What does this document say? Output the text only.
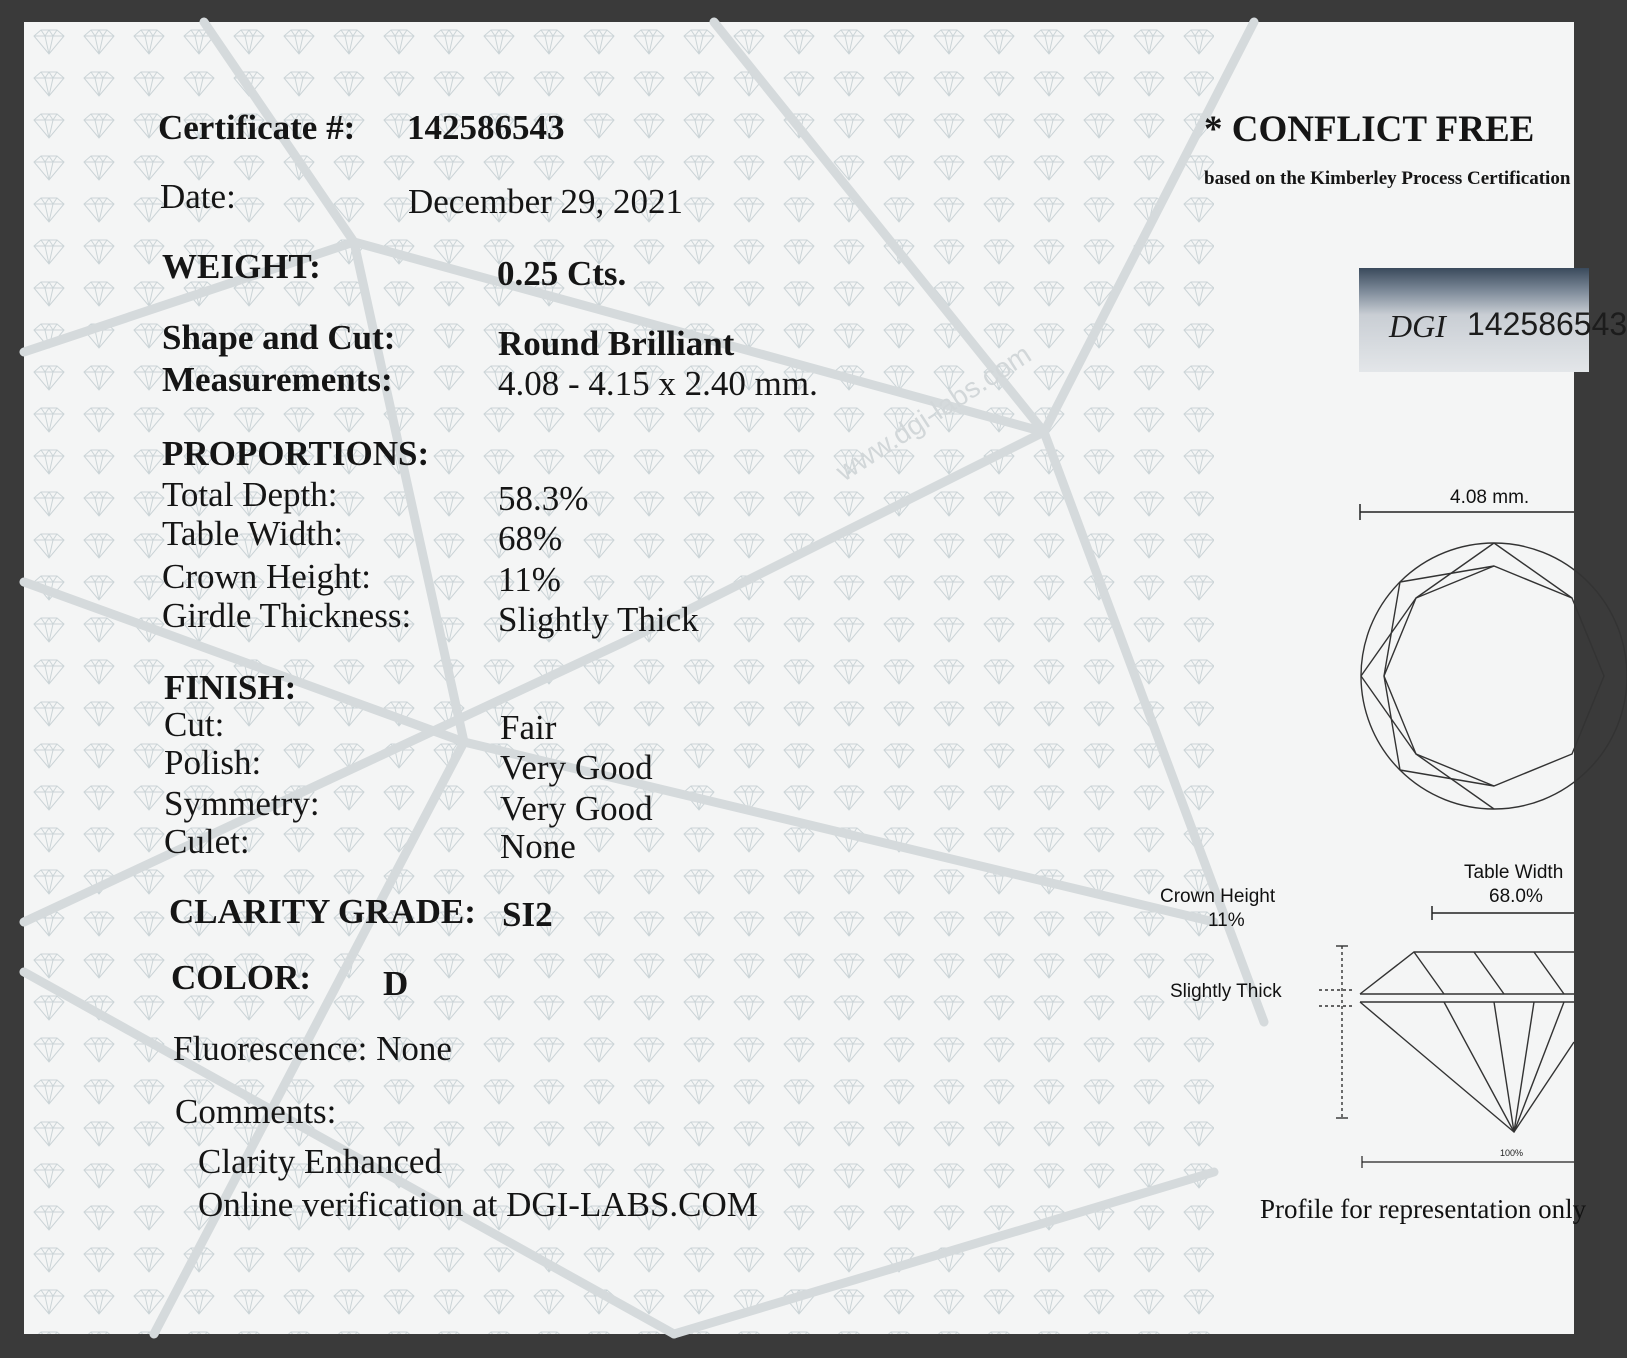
www.dgi-labs.com
Certificate #: 142586543
Date:	December 29, 2021
WEIGHT:	0.25 Cts.
Shape and Cut:	Round Brilliant
Measurements:	4.08 - 4.15 x 2.40 mm.
PROPORTIONS:
Total Depth:	58.3%
Table Width:	68%
Crown Height:	11%
Girdle Thickness: Slightly Thick
FINISH:
Cut:	Fair
Polish:	Very Good
Symmetry:	Very Good
Culet:	None
CLARITY GRADE: SI2
COLOR: D
Fluorescence: None
Comments:
Clarity Enhanced
Online verification at DGI-LABS.COM
* CONFLICT FREE
based on the Kimberley Process Certification
DGI 142586543
4.08 mm.
Table Width
68.0%
Crown Height
11%
Slightly Thick
100%
Profile for representation only
